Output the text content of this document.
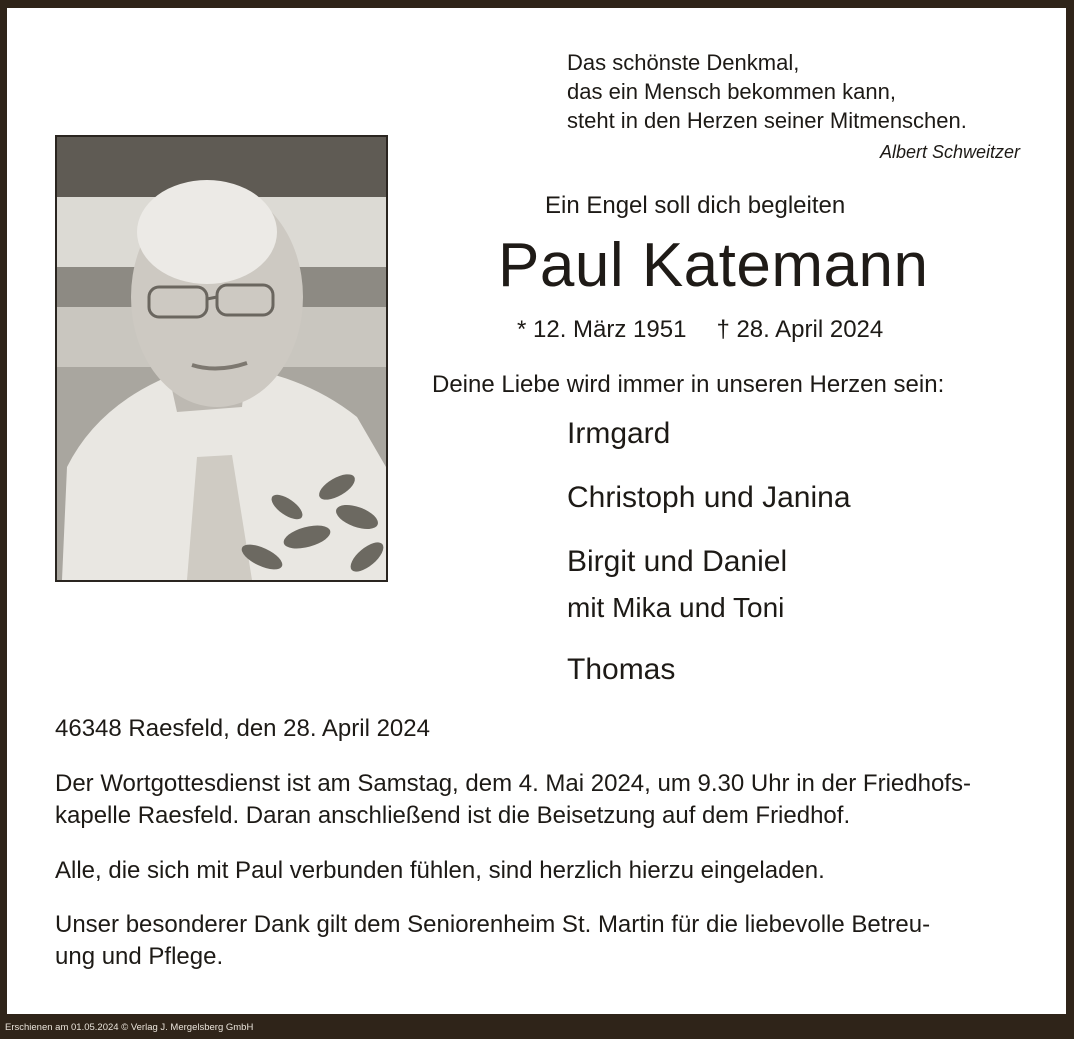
Das schönste Denkmal,
das ein Mensch bekommen kann,
steht in den Herzen seiner Mitmenschen.
Albert Schweitzer
Ein Engel soll dich begleiten
Paul Katemann
* 12. März 1951 † 28. April 2024
Deine Liebe wird immer in unseren Herzen sein:
Irmgard
Christoph und Janina
Birgit und Daniel
mit Mika und Toni
Thomas
46348 Raesfeld, den 28. April 2024
Der Wortgottesdienst ist am Samstag, dem 4. Mai 2024, um 9.30 Uhr in der Friedhofs-
kapelle Raesfeld. Daran anschließend ist die Beisetzung auf dem Friedhof.
Alle, die sich mit Paul verbunden fühlen, sind herzlich hierzu eingeladen.
Unser besonderer Dank gilt dem Seniorenheim St. Martin für die liebevolle Betreu-
ung und Pflege.
Erschienen am 01.05.2024 © Verlag J. Mergelsberg GmbH
